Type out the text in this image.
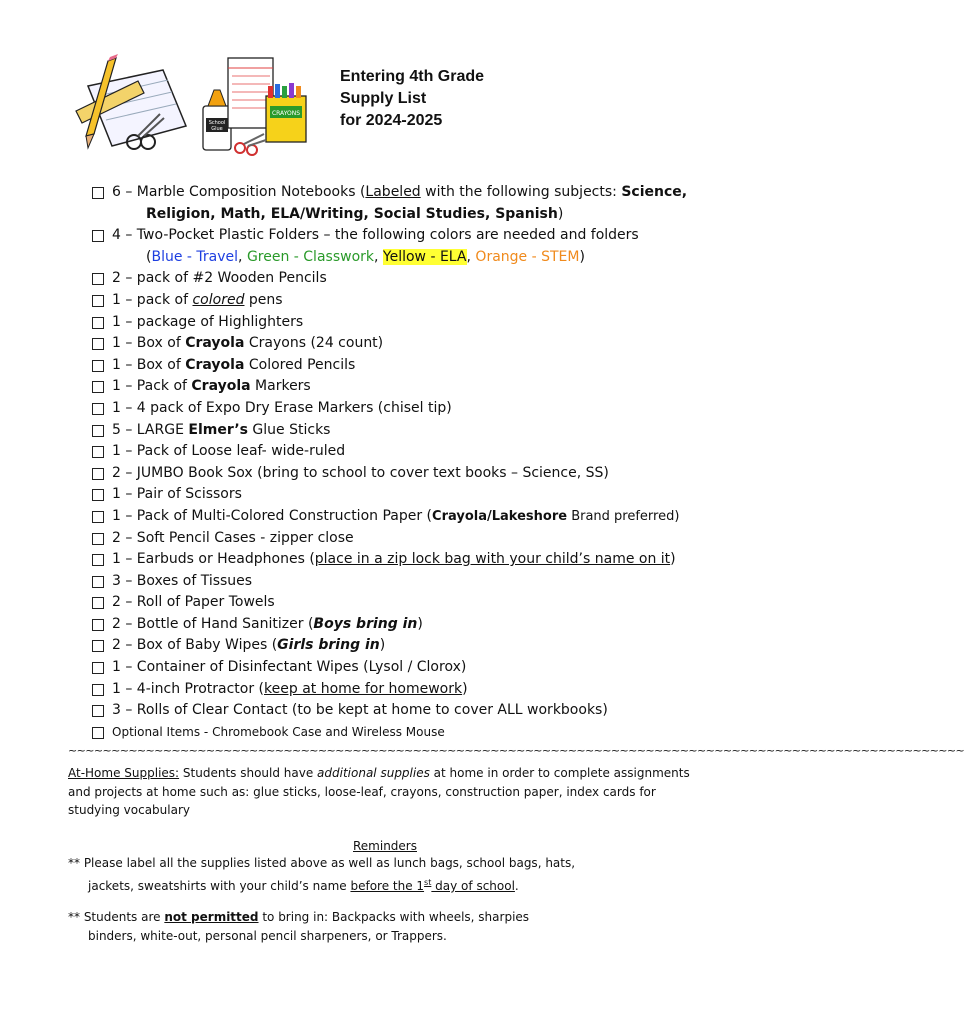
School
Glue
CRAYONS
Entering 4th Grade
Supply List
for 2024-2025
6 – Marble Composition Notebooks (Labeled with the following subjects: Science,
Religion, Math, ELA/Writing, Social Studies, Spanish)
4 – Two-Pocket Plastic Folders – the following colors are needed and folders
(Blue - Travel, Green - Classwork, Yellow - ELA, Orange - STEM)
2 – pack of #2 Wooden Pencils
1 – pack of colored pens
1 – package of Highlighters
1 – Box of Crayola Crayons (24 count)
1 – Box of Crayola Colored Pencils
1 – Pack of Crayola Markers
1 – 4 pack of Expo Dry Erase Markers (chisel tip)
5 – LARGE Elmer’s Glue Sticks
1 – Pack of Loose leaf- wide-ruled
2 – JUMBO Book Sox (bring to school to cover text books – Science, SS)
1 – Pair of Scissors
1 – Pack of Multi-Colored Construction Paper (Crayola/Lakeshore Brand preferred)
2 – Soft Pencil Cases - zipper close
1 – Earbuds or Headphones (place in a zip lock bag with your child’s name on it)
3 – Boxes of Tissues
2 – Roll of Paper Towels
2 – Bottle of Hand Sanitizer (Boys bring in)
2 – Box of Baby Wipes (Girls bring in)
1 – Container of Disinfectant Wipes (Lysol / Clorox)
1 – 4-inch Protractor (keep at home for homework)
3 – Rolls of Clear Contact (to be kept at home to cover ALL workbooks)
Optional Items - Chromebook Case and Wireless Mouse
~~~~~~~~~~~~~~~~~~~~~~~~~~~~~~~~~~~~~~~~~~~~~~~~~~~~~~~~~~~~~~~~~~~~~~~~~~~~~~~~~~~~~~~~~~~~~~~~~~~~~~~~
At-Home Supplies: Students should have additional supplies at home in order to complete assignments and projects at home such as: glue sticks, loose-leaf, crayons, construction paper, index cards for studying vocabulary
Reminders
** Please label all the supplies listed above as well as lunch bags, school bags, hats,
jackets, sweatshirts with your child’s name before the 1st day of school.
** Students are not permitted to bring in: Backpacks with wheels, sharpies
binders, white-out, personal pencil sharpeners, or Trappers.
